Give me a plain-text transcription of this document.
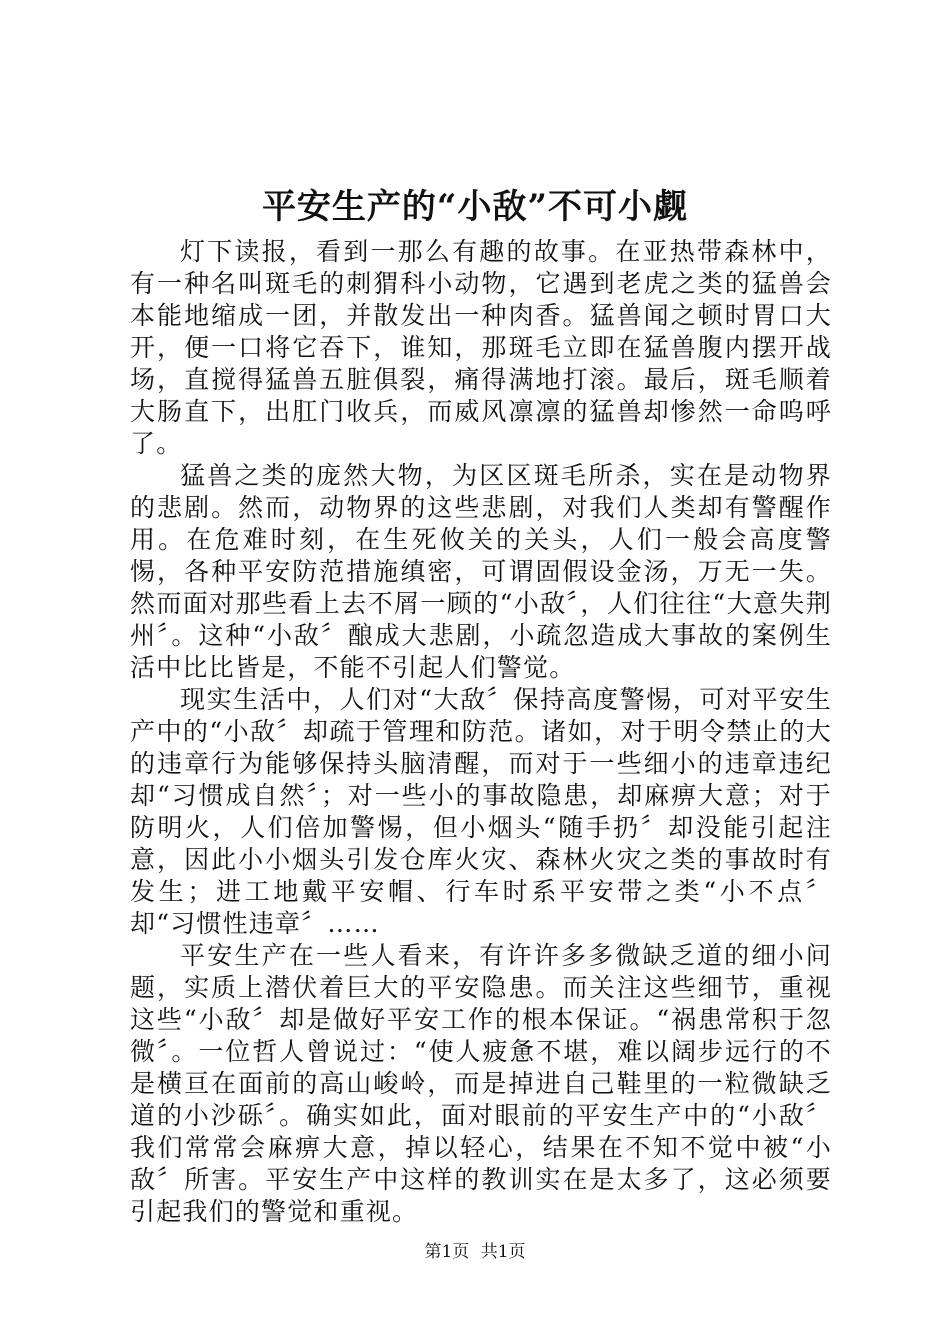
平安生产的“小敌”不可小觑

灯下读报，看到一那么有趣的故事。在亚热带森林中，有一种名叫斑毛的刺猬科小动物，它遇到老虎之类的猛兽会本能地缩成一团，并散发出一种肉香。猛兽闻之顿时胃口大开，便一口将它吞下，谁知，那斑毛立即在猛兽腹内摆开战场，直搅得猛兽五脏俱裂，痛得满地打滚。最后，斑毛顺着大肠直下，出肛门收兵，而威风凛凛的猛兽却惨然一命呜呼了。

猛兽之类的庞然大物，为区区斑毛所杀，实在是动物界的悲剧。然而，动物界的这些悲剧，对我们人类却有警醒作用。在危难时刻，在生死攸关的关头，人们一般会高度警惕，各种平安防范措施缜密，可谓固假设金汤，万无一失。然而面对那些看上去不屑一顾的“小敌〞，人们往往“大意失荆州〞。这种“小敌〞酿成大悲剧，小疏忽造成大事故的案例生活中比比皆是，不能不引起人们警觉。

现实生活中，人们对“大敌〞保持高度警惕，可对平安生产中的“小敌〞却疏于管理和防范。诸如，对于明令禁止的大的违章行为能够保持头脑清醒，而对于一些细小的违章违纪却“习惯成自然〞；对一些小的事故隐患，却麻痹大意；对于防明火，人们倍加警惕，但小烟头“随手扔〞却没能引起注意，因此小小烟头引发仓库火灾、森林火灾之类的事故时有发生；进工地戴平安帽、行车时系平安带之类“小不点〞却“习惯性违章〞……

平安生产在一些人看来，有许许多多微缺乏道的细小问题，实质上潜伏着巨大的平安隐患。而关注这些细节，重视这些“小敌〞却是做好平安工作的根本保证。“祸患常积于忽微〞。一位哲人曾说过：“使人疲惫不堪，难以阔步远行的不是横亘在面前的高山峻岭，而是掉进自己鞋里的一粒微缺乏道的小沙砾〞。确实如此，面对眼前的平安生产中的“小敌〞我们常常会麻痹大意，掉以轻心，结果在不知不觉中被“小敌〞所害。平安生产中这样的教训实在是太多了，这必须要引起我们的警觉和重视。

第1页 共1页
